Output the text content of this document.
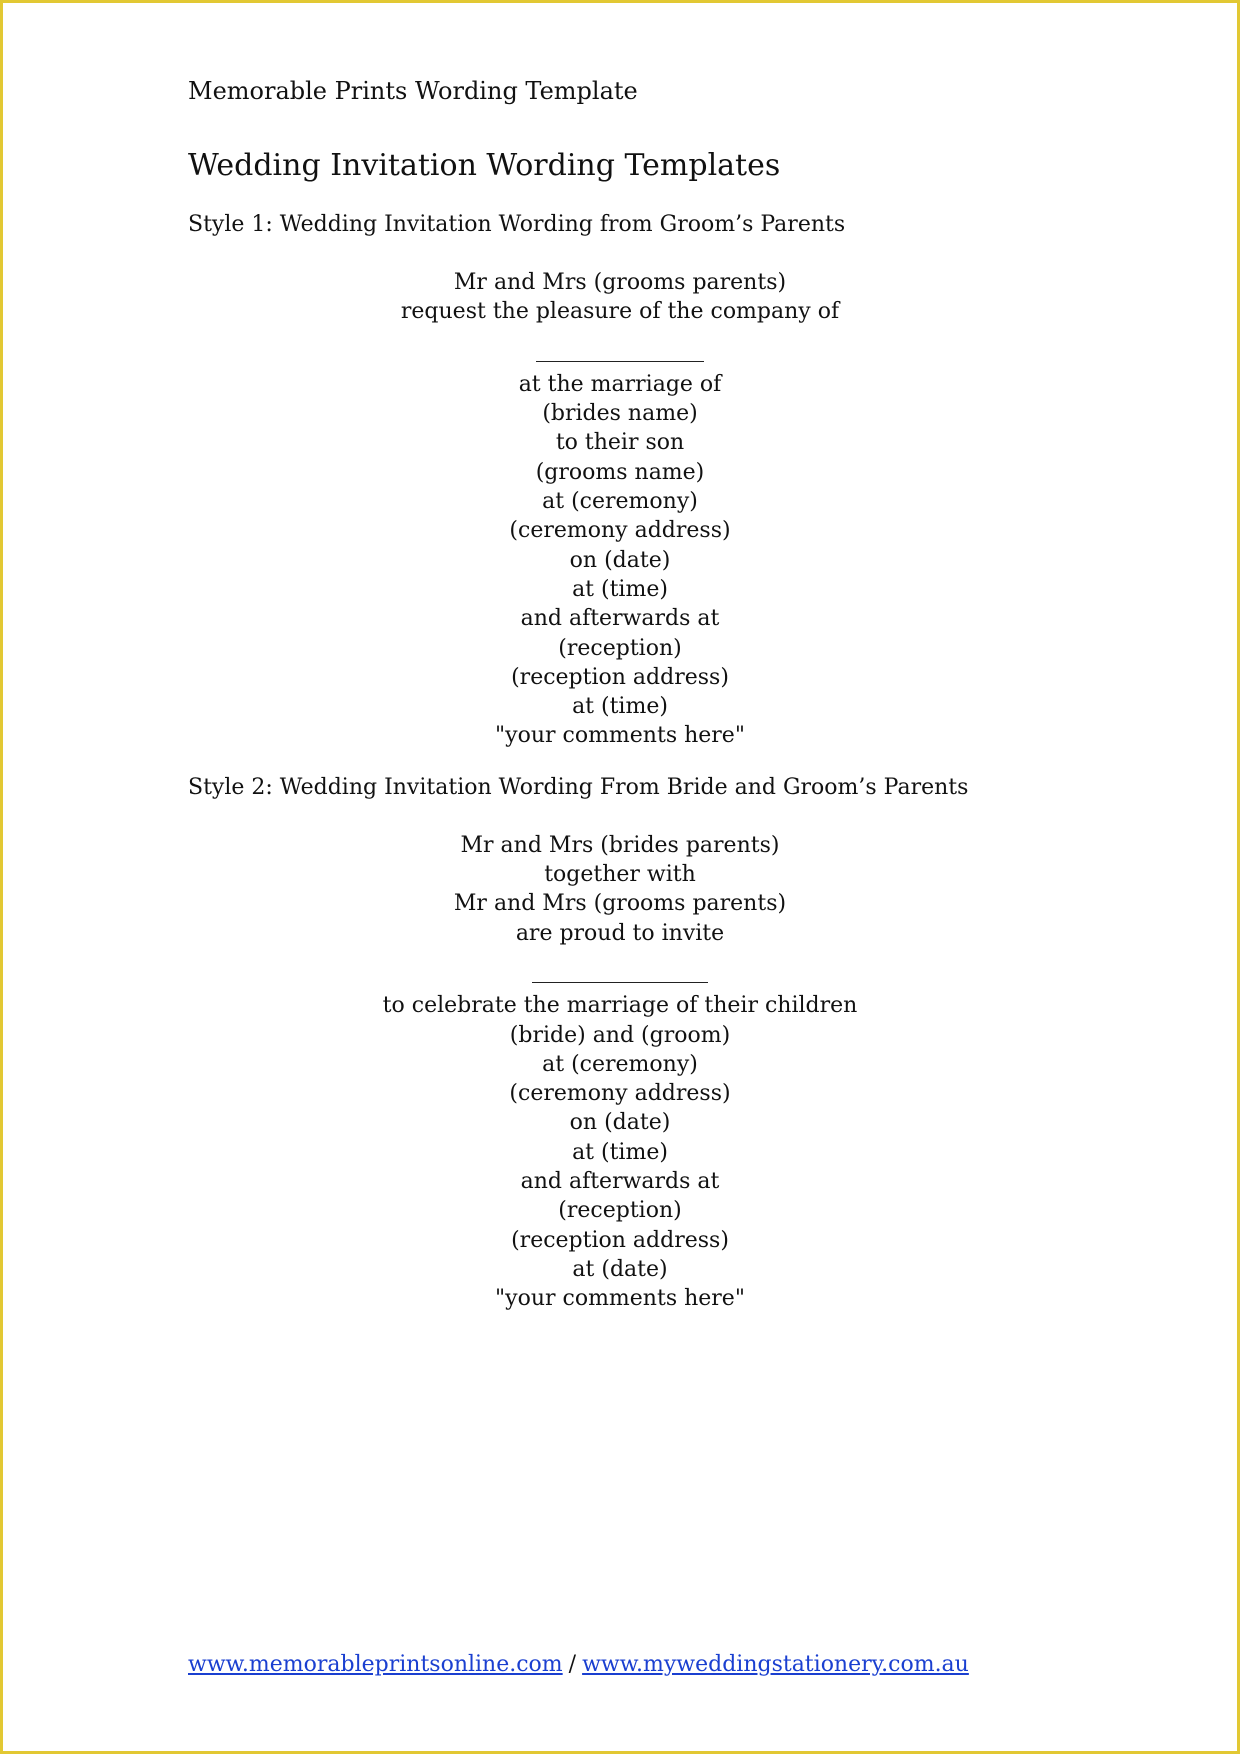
Memorable Prints Wording Template
Wedding Invitation Wording Templates
Style 1: Wedding Invitation Wording from Groom’s Parents
Mr and Mrs (grooms parents)
request the pleasure of the company of
at the marriage of
(brides name)
to their son
(grooms name)
at (ceremony)
(ceremony address)
on (date)
at (time)
and afterwards at
(reception)
(reception address)
at (time)
"your comments here"
Style 2: Wedding Invitation Wording From Bride and Groom’s Parents
Mr and Mrs (brides parents)
together with
Mr and Mrs (grooms parents)
are proud to invite
to celebrate the marriage of their children
(bride) and (groom)
at (ceremony)
(ceremony address)
on (date)
at (time)
and afterwards at
(reception)
(reception address)
at (date)
"your comments here"
www.memorableprintsonline.com / www.myweddingstationery.com.au
